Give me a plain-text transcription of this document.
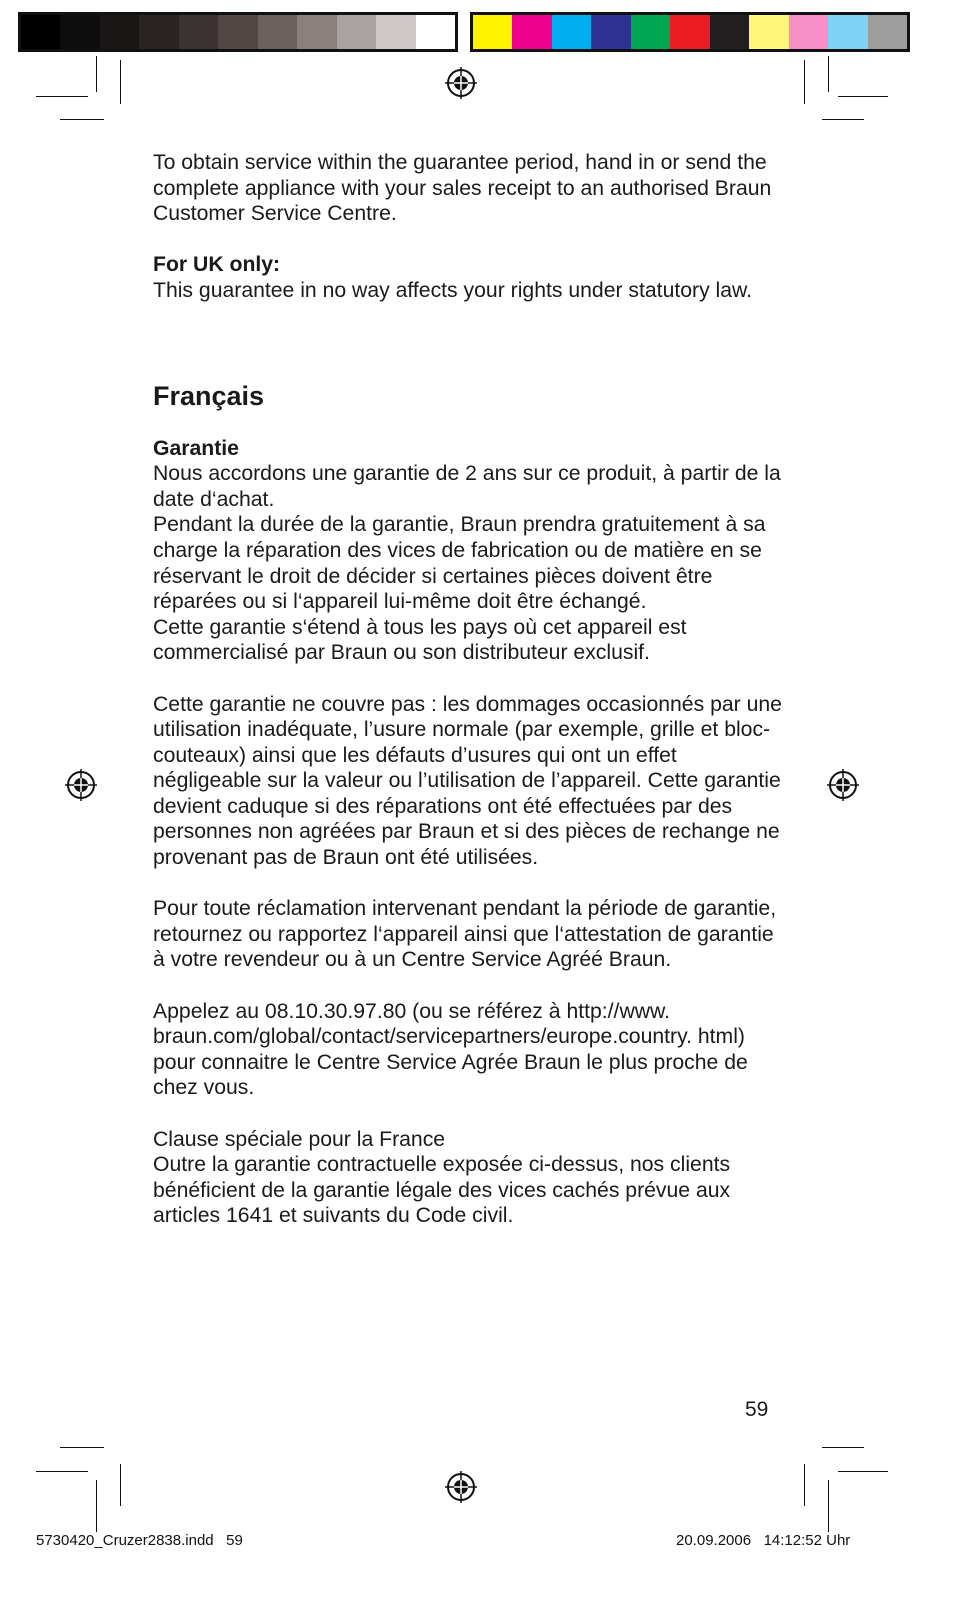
To obtain service within the guarantee period, hand in or send the complete appliance with your sales receipt to an authorised Braun Customer Service Centre.

For UK only:

This guarantee in no way affects your rights under statutory law.

Français

Garantie

Nous accordons une garantie de 2 ans sur ce produit, à partir de la date d‘achat.

Pendant la durée de la garantie, Braun prendra gratuitement à sa charge la réparation des vices de fabrication ou de matière en se réservant le droit de décider si certaines pièces doivent être réparées ou si l‘appareil lui-même doit être échangé.

Cette garantie s‘étend à tous les pays où cet appareil est commercialisé par Braun ou son distributeur exclusif.

Cette garantie ne couvre pas : les dommages occasionnés par une utilisation inadéquate, l’usure normale (par exemple, grille et bloc-couteaux) ainsi que les défauts d’usures qui ont un effet négligeable sur la valeur ou l’utilisation de l’appareil. Cette garantie devient caduque si des réparations ont été effectuées par des personnes non agréées par Braun et si des pièces de rechange ne provenant pas de Braun ont été utilisées.

Pour toute réclamation intervenant pendant la période de garantie, retournez ou rapportez l‘appareil ainsi que l‘attestation de garantie à votre revendeur ou à un Centre Service Agréé Braun.

Appelez au 08.10.30.97.80 (ou se référez à http://www. braun.com/global/contact/servicepartners/europe.country. html) pour connaitre le Centre Service Agrée Braun le plus proche de chez vous.

Clause spéciale pour la France

Outre la garantie contractuelle exposée ci-dessus, nos clients bénéficient de la garantie légale des vices cachés prévue aux articles 1641 et suivants du Code civil.

59
5730420_Cruzer2838.indd   59	20.09.2006   14:12:52 Uhr
